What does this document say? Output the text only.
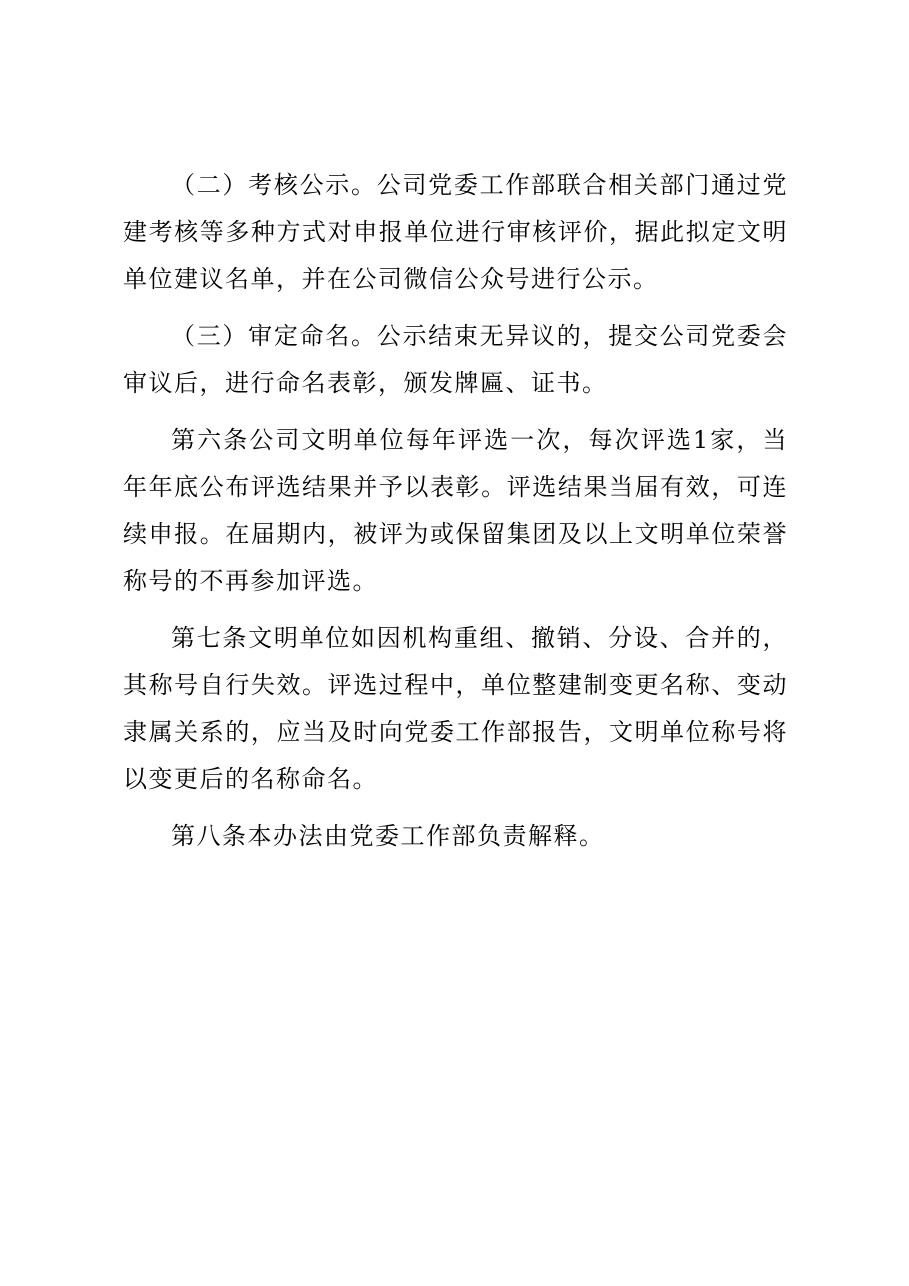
（二）考核公示。公司党委工作部联合相关部门通过党建考核等多种方式对申报单位进行审核评价，据此拟定文明单位建议名单，并在公司微信公众号进行公示。

（三）审定命名。公示结束无异议的，提交公司党委会审议后，进行命名表彰，颁发牌匾、证书。

第六条公司文明单位每年评选一次，每次评选1家，当年年底公布评选结果并予以表彰。评选结果当届有效，可连续申报。在届期内，被评为或保留集团及以上文明单位荣誉称号的不再参加评选。

第七条文明单位如因机构重组、撤销、分设、合并的，其称号自行失效。评选过程中，单位整建制变更名称、变动隶属关系的，应当及时向党委工作部报告，文明单位称号将以变更后的名称命名。

第八条本办法由党委工作部负责解释。
